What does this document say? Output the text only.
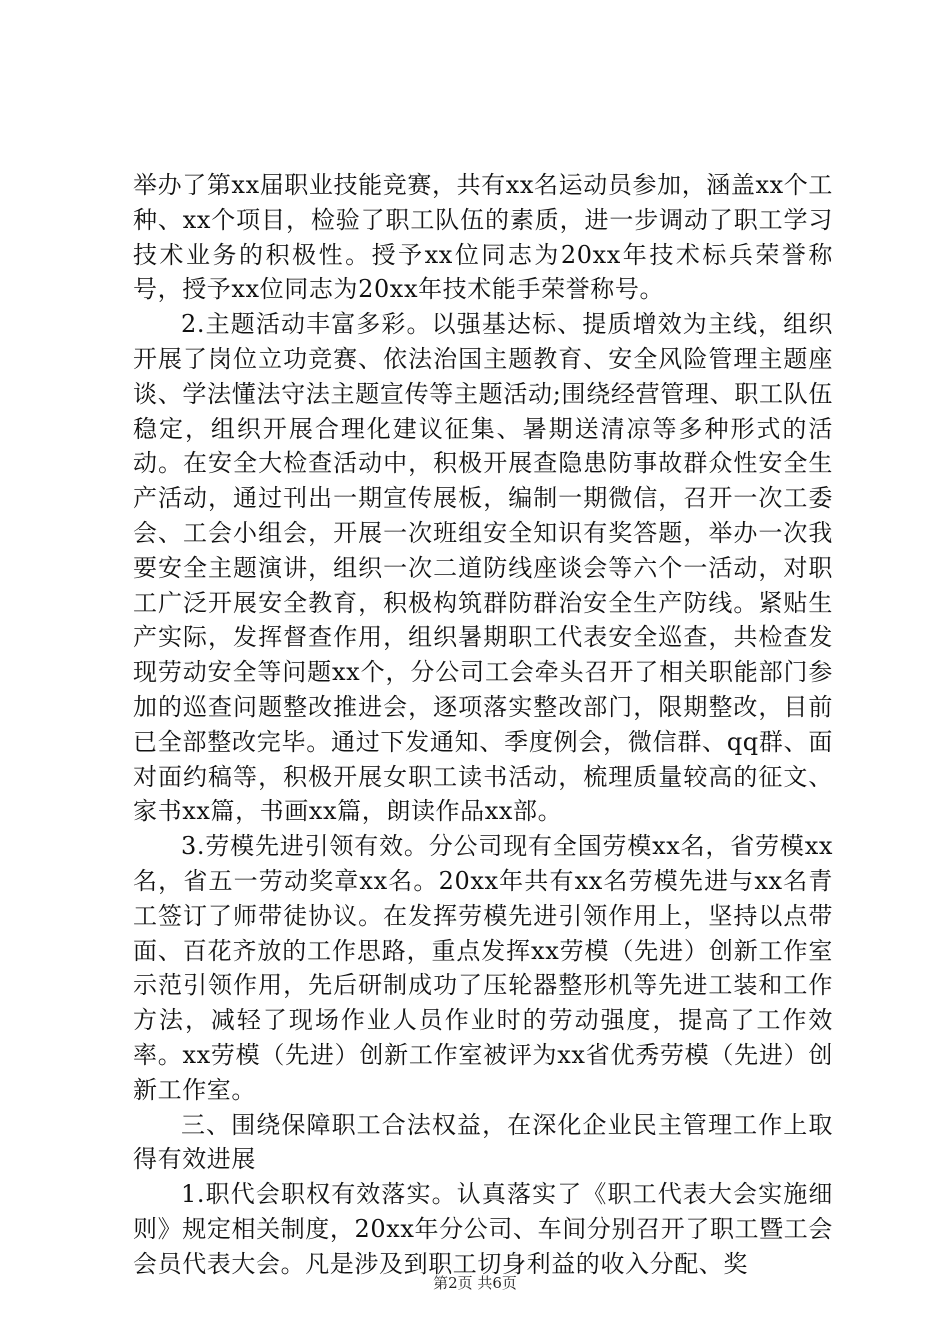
举办了第xx届职业技能竞赛，共有xx名运动员参加，涵盖xx个工种、xx个项目，检验了职工队伍的素质，进一步调动了职工学习技术业务的积极性。授予xx位同志为20xx年技术标兵荣誉称号，授予xx位同志为20xx年技术能手荣誉称号。

2.主题活动丰富多彩。以强基达标、提质增效为主线，组织开展了岗位立功竞赛、依法治国主题教育、安全风险管理主题座谈、学法懂法守法主题宣传等主题活动;围绕经营管理、职工队伍稳定，组织开展合理化建议征集、暑期送清凉等多种形式的活动。在安全大检查活动中，积极开展查隐患防事故群众性安全生产活动，通过刊出一期宣传展板，编制一期微信，召开一次工委会、工会小组会，开展一次班组安全知识有奖答题，举办一次我要安全主题演讲，组织一次二道防线座谈会等六个一活动，对职工广泛开展安全教育，积极构筑群防群治安全生产防线。紧贴生产实际，发挥督查作用，组织暑期职工代表安全巡查，共检查发现劳动安全等问题xx个，分公司工会牵头召开了相关职能部门参加的巡查问题整改推进会，逐项落实整改部门，限期整改，目前已全部整改完毕。通过下发通知、季度例会，微信群、qq群、面对面约稿等，积极开展女职工读书活动，梳理质量较高的征文、家书xx篇，书画xx篇，朗读作品xx部。

3.劳模先进引领有效。分公司现有全国劳模xx名，省劳模xx名，省五一劳动奖章xx名。20xx年共有xx名劳模先进与xx名青工签订了师带徒协议。在发挥劳模先进引领作用上，坚持以点带面、百花齐放的工作思路，重点发挥xx劳模（先进）创新工作室示范引领作用，先后研制成功了压轮器整形机等先进工装和工作方法，减轻了现场作业人员作业时的劳动强度，提高了工作效率。xx劳模（先进）创新工作室被评为xx省优秀劳模（先进）创新工作室。

三、围绕保障职工合法权益，在深化企业民主管理工作上取得有效进展

1.职代会职权有效落实。认真落实了《职工代表大会实施细则》规定相关制度，20xx年分公司、车间分别召开了职工暨工会会员代表大会。凡是涉及到职工切身利益的收入分配、奖

第2页 共6页
